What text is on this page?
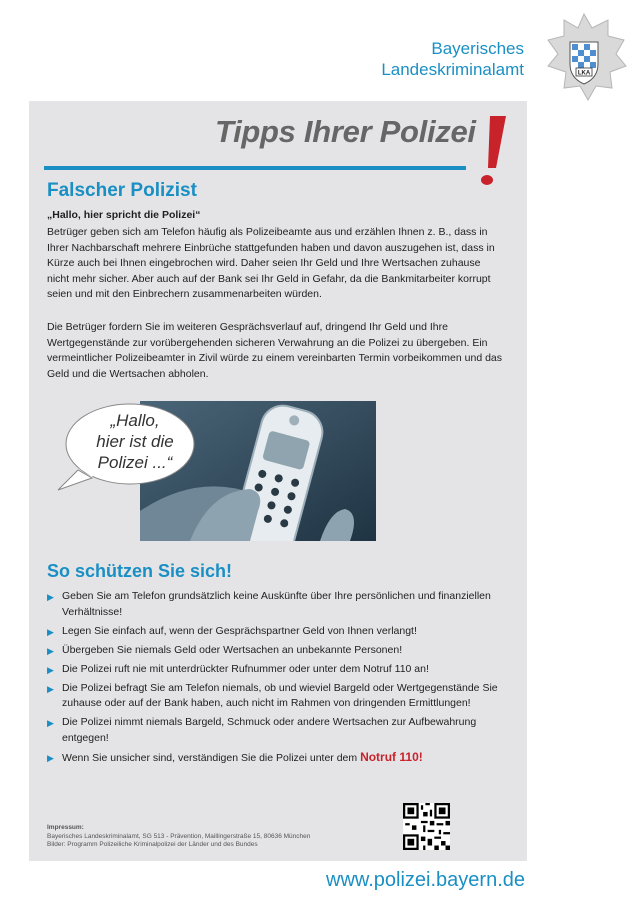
Bayerisches
Landeskriminalamt	LKA
Tipps Ihrer Polizei
Falscher Polizist
„Hallo, hier spricht die Polizei“
Betrüger geben sich am Telefon häufig als Polizeibeamte aus und erzählen Ihnen z. B., dass in Ihrer Nachbarschaft mehrere Einbrüche stattgefunden haben und davon auszugehen ist, dass in Kürze auch bei Ihnen eingebrochen wird. Daher seien Ihr Geld und Ihre Wertsachen zuhause nicht mehr sicher. Aber auch auf der Bank sei Ihr Geld in Gefahr, da die Bankmitarbeiter korrupt seien und mit den Einbrechern zusammenarbeiten würden.
Die Betrüger fordern Sie im weiteren Gesprächsverlauf auf, dringend Ihr Geld und Ihre Wertgegenstände zur vorübergehenden sicheren Verwahrung an die Polizei zu übergeben. Ein vermeintlicher Polizeibeamter in Zivil würde zu einem vereinbarten Termin vorbeikommen und das Geld und die Wertsachen abholen.
„Hallo,
hier ist die
Polizei ...“
So schützen Sie sich!
▶ Geben Sie am Telefon grundsätzlich keine Auskünfte über Ihre persönlichen und finanziellen Verhältnisse!
▶ Legen Sie einfach auf, wenn der Gesprächspartner Geld von Ihnen verlangt!
▶ Übergeben Sie niemals Geld oder Wertsachen an unbekannte Personen!
▶ Die Polizei ruft nie mit unterdrückter Rufnummer oder unter dem Notruf 110 an!
▶ Die Polizei befragt Sie am Telefon niemals, ob und wieviel Bargeld oder Wertgegenstände Sie zuhause oder auf der Bank haben, auch nicht im Rahmen von dringenden Ermittlungen!
▶ Die Polizei nimmt niemals Bargeld, Schmuck oder andere Wertsachen zur Aufbewahrung entgegen!
▶ Wenn Sie unsicher sind, verständigen Sie die Polizei unter dem Notruf 110!
Impressum:
Bayerisches Landeskriminalamt, SG 513 - Prävention, Maillingerstraße 15, 80636 München
Bilder: Programm Polizeiliche Kriminalpolizei der Länder und des Bundes
www.polizei.bayern.de
